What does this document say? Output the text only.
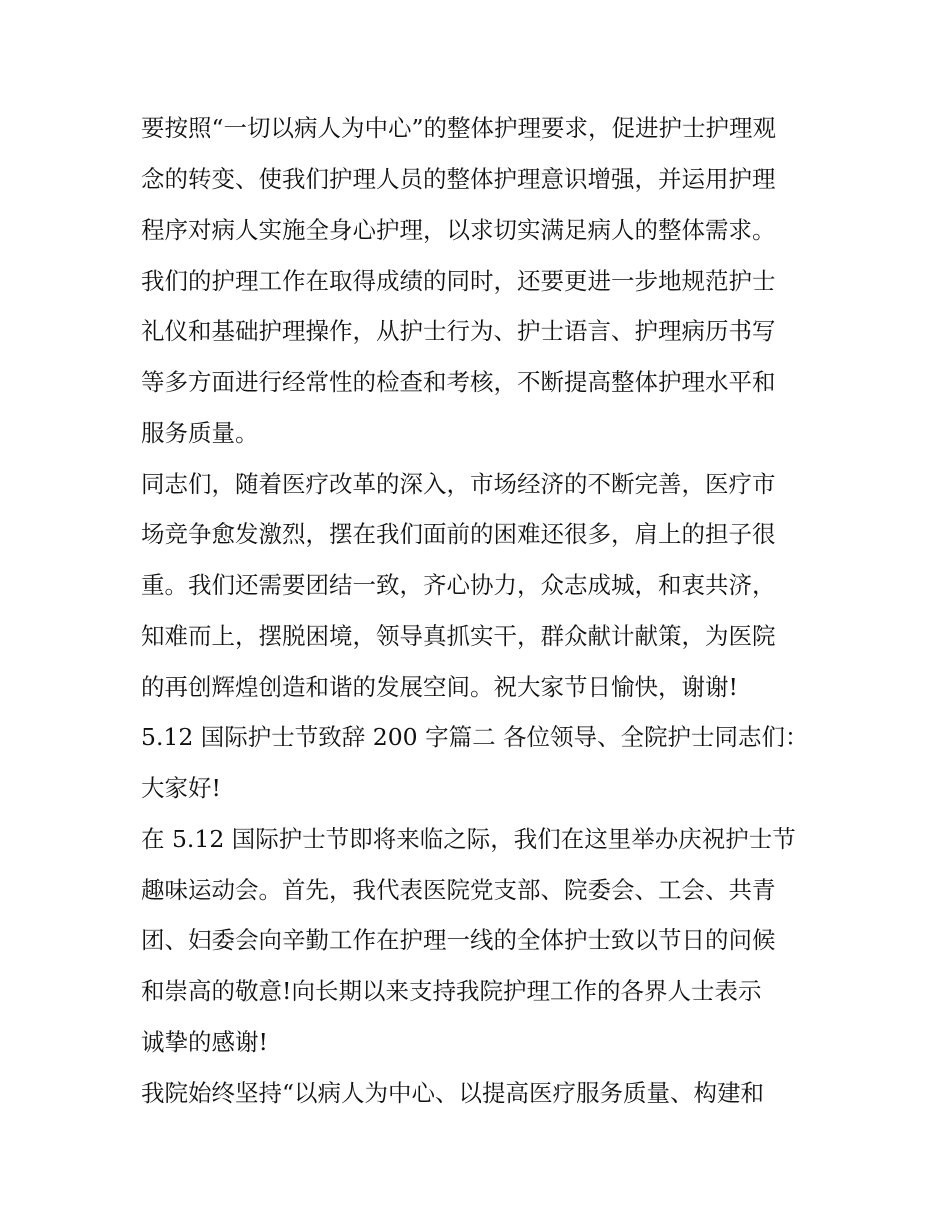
要按照“一切以病人为中心”的整体护理要求，促进护士护理观
念的转变、使我们护理人员的整体护理意识增强，并运用护理
程序对病人实施全身心护理，以求切实满足病人的整体需求。
我们的护理工作在取得成绩的同时，还要更进一步地规范护士
礼仪和基础护理操作，从护士行为、护士语言、护理病历书写
等多方面进行经常性的检查和考核，不断提高整体护理水平和
服务质量。
同志们，随着医疗改革的深入，市场经济的不断完善，医疗市
场竞争愈发激烈，摆在我们面前的困难还很多，肩上的担子很
重。我们还需要团结一致，齐心协力，众志成城，和衷共济，
知难而上，摆脱困境，领导真抓实干，群众献计献策，为医院
的再创辉煌创造和谐的发展空间。祝大家节日愉快，谢谢!
5.12 国际护士节致辞 200 字篇二 各位领导、全院护士同志们：
大家好!
在 5.12 国际护士节即将来临之际，我们在这里举办庆祝护士节
趣味运动会。首先，我代表医院党支部、院委会、工会、共青
团、妇委会向辛勤工作在护理一线的全体护士致以节日的问候
和崇高的敬意!向长期以来支持我院护理工作的各界人士表示
诚挚的感谢!
我院始终坚持“以病人为中心、以提高医疗服务质量、构建和
